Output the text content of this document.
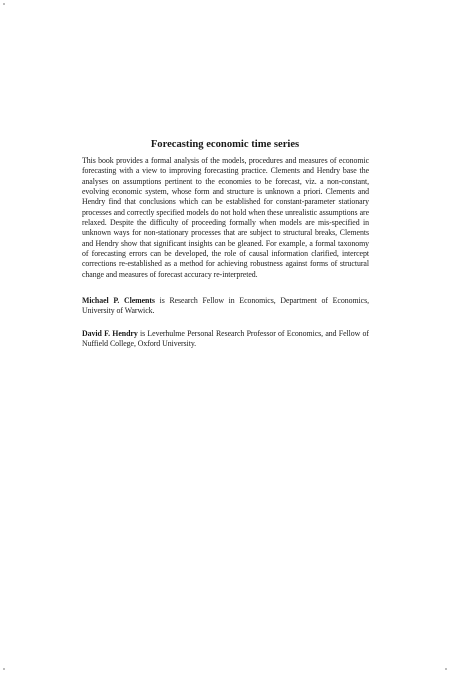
Forecasting economic time series

This book provides a formal analysis of the models, procedures and measures of economic forecasting with a view to improving forecasting practice. Clements and Hendry base the analyses on assumptions pertinent to the economies to be forecast, viz. a non-constant, evolving economic system, whose form and structure is unknown a priori. Clements and Hendry find that conclusions which can be established for constant-parameter stationary processes and correctly specified models do not hold when these unrealistic assumptions are relaxed. Despite the difficulty of proceeding formally when models are mis-specified in unknown ways for non-stationary processes that are subject to structural breaks, Clements and Hendry show that significant insights can be gleaned. For example, a formal taxonomy of forecasting errors can be developed, the role of causal information clarified, intercept corrections re-established as a method for achieving robustness against forms of structural change and measures of forecast accuracy re-interpreted.

Michael P. Clements is Research Fellow in Economics, Department of Economics, University of Warwick.

David F. Hendry is Leverhulme Personal Research Professor of Economics, and Fellow of Nuffield College, Oxford University.
